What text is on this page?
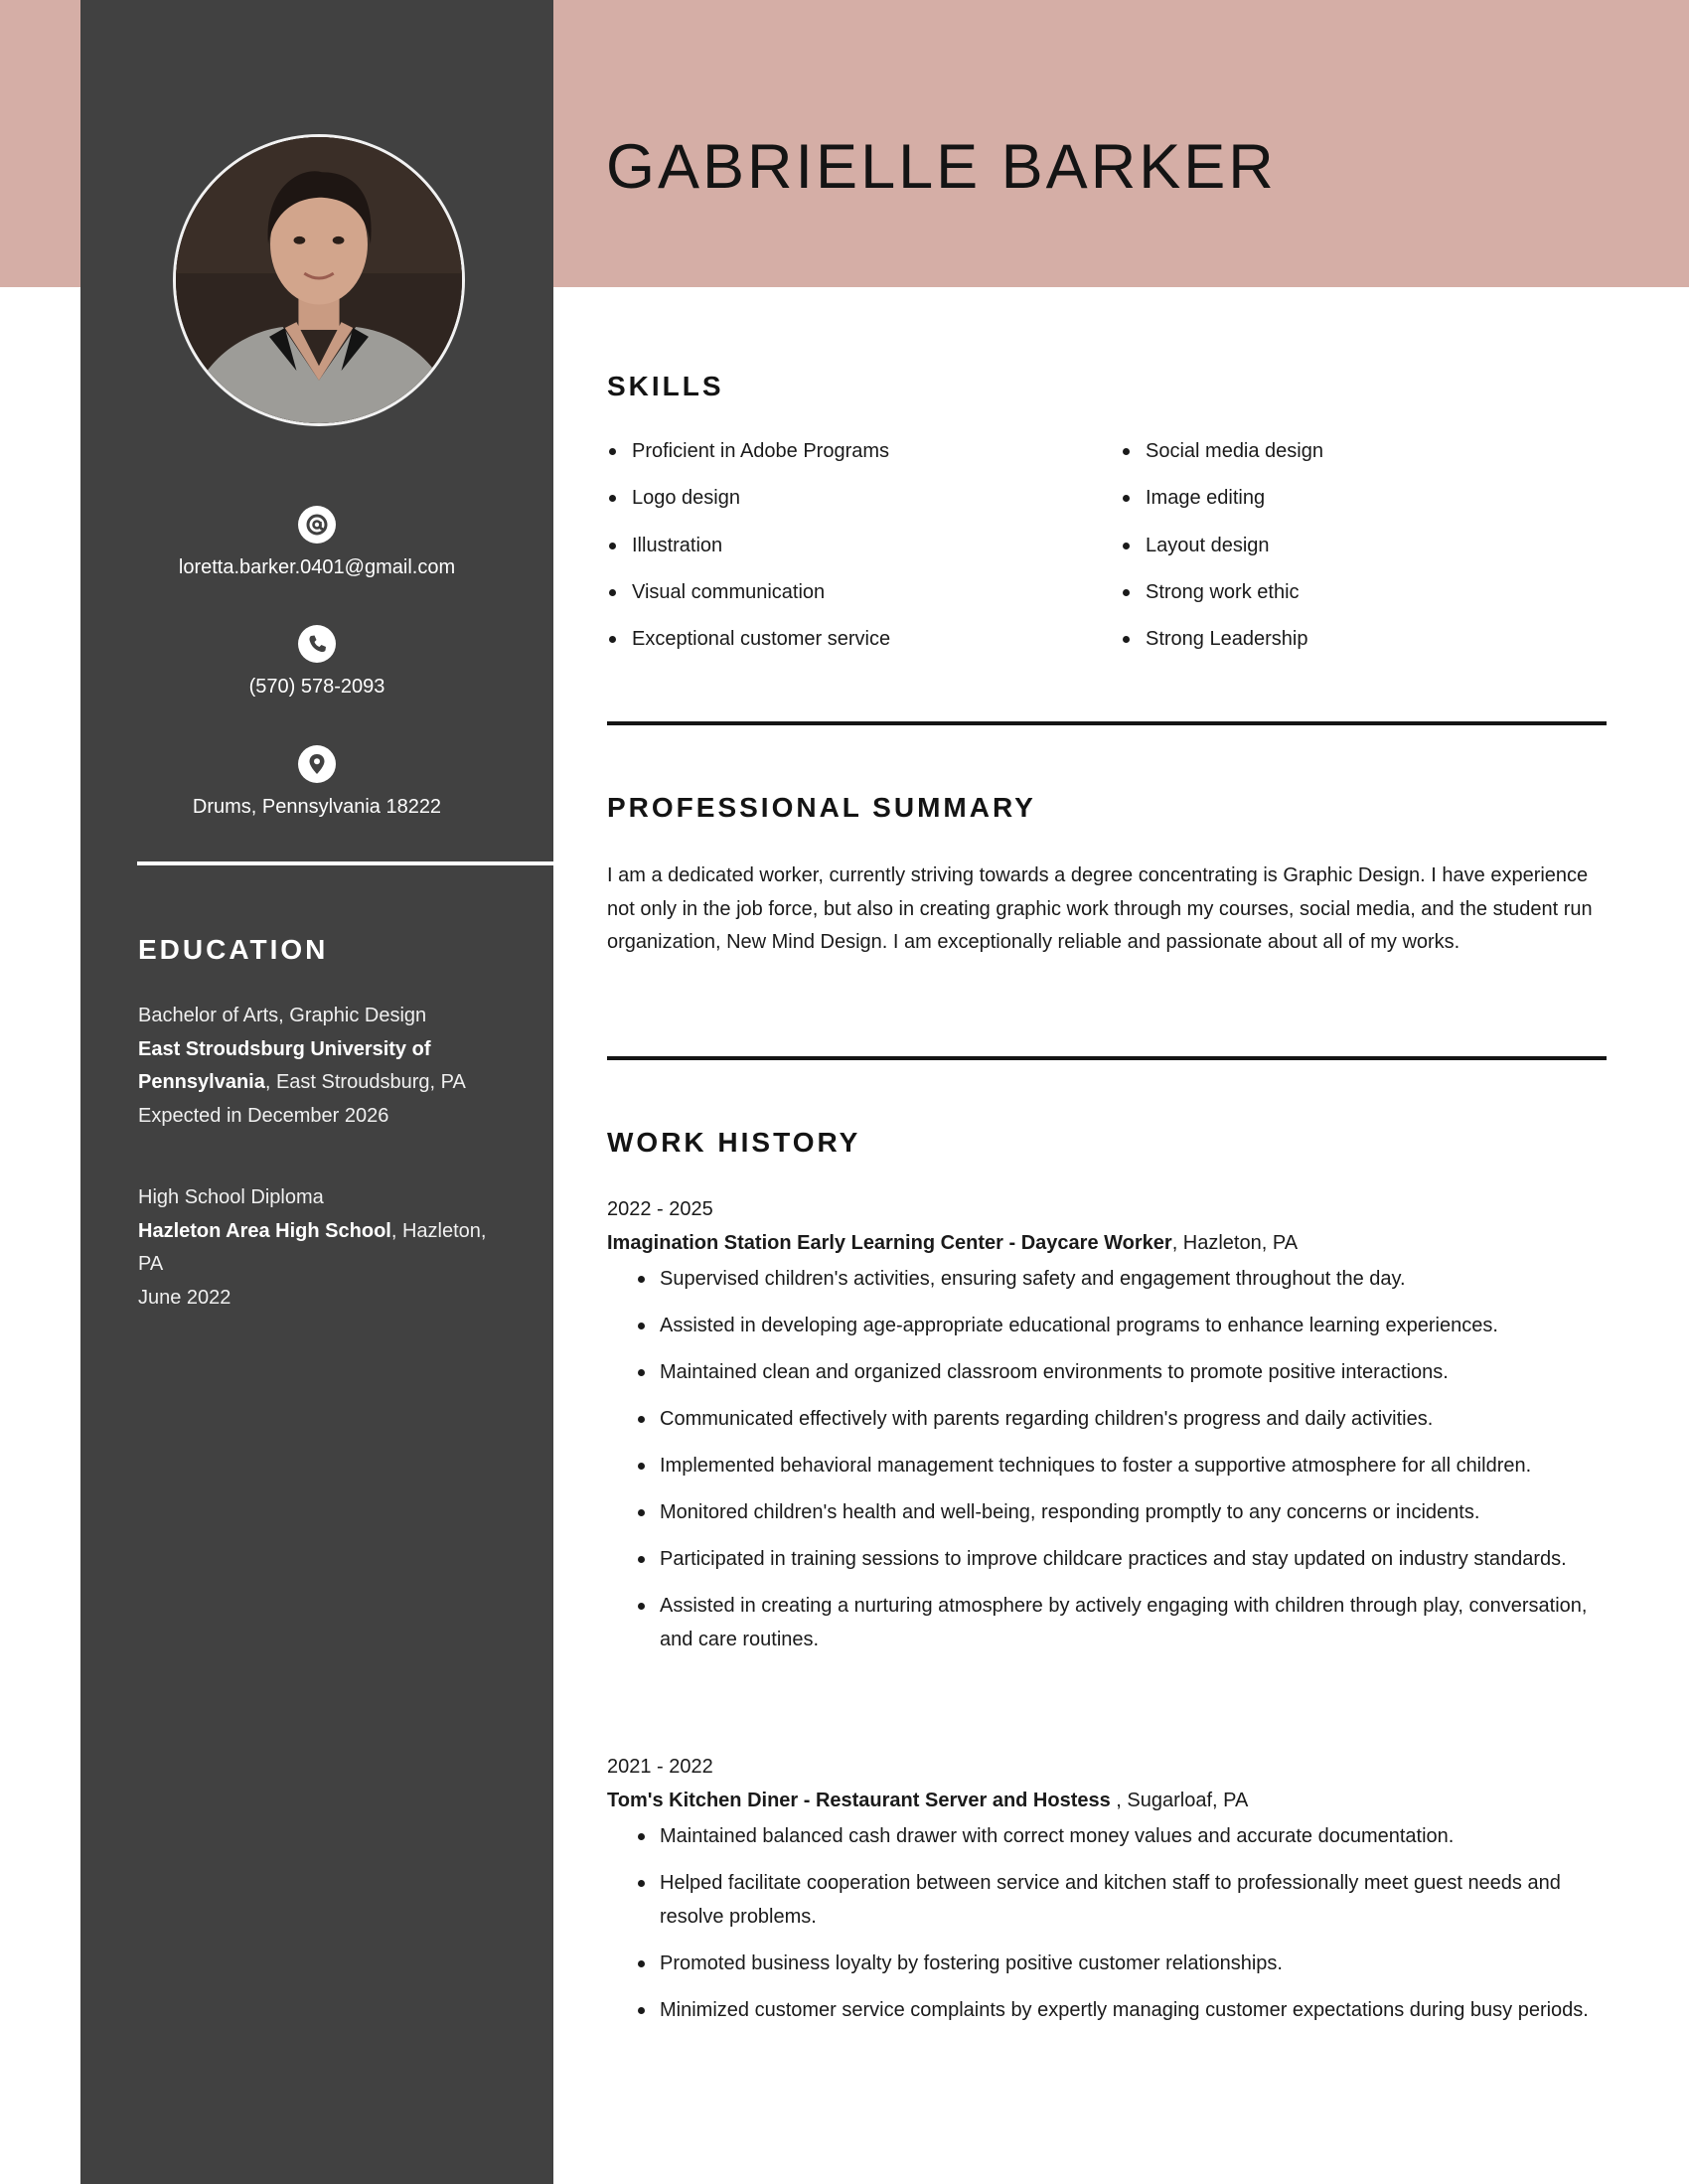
loretta.barker.0401@gmail.com
(570) 578-2093
Drums, Pennsylvania 18222
EDUCATION
Bachelor of Arts, Graphic Design
East Stroudsburg University of Pennsylvania, East Stroudsburg, PA
Expected in December 2026
High School Diploma
Hazleton Area High School, Hazleton, PA
June 2022
GABRIELLE BARKER
SKILLS
Proficient in Adobe Programs
Logo design
Illustration
Visual communication
Exceptional customer service
Social media design
Image editing
Layout design
Strong work ethic
Strong Leadership
PROFESSIONAL SUMMARY

I am a dedicated worker, currently striving towards a degree concentrating is Graphic Design. I have experience not only in the job force, but also in creating graphic work through my courses, social media, and the student run organization, New Mind Design. I am exceptionally reliable and passionate about all of my works.

WORK HISTORY
2022 - 2025
Imagination Station Early Learning Center - Daycare Worker, Hazleton, PA
Supervised children's activities, ensuring safety and engagement throughout the day.
Assisted in developing age-appropriate educational programs to enhance learning experiences.
Maintained clean and organized classroom environments to promote positive interactions.
Communicated effectively with parents regarding children's progress and daily activities.
Implemented behavioral management techniques to foster a supportive atmosphere for all children.
Monitored children's health and well-being, responding promptly to any concerns or incidents.
Participated in training sessions to improve childcare practices and stay updated on industry standards.
Assisted in creating a nurturing atmosphere by actively engaging with children through play, conversation, and care routines.
2021 - 2022
Tom's Kitchen Diner - Restaurant Server and Hostess , Sugarloaf, PA
Maintained balanced cash drawer with correct money values and accurate documentation.
Helped facilitate cooperation between service and kitchen staff to professionally meet guest needs and resolve problems.
Promoted business loyalty by fostering positive customer relationships.
Minimized customer service complaints by expertly managing customer expectations during busy periods.
